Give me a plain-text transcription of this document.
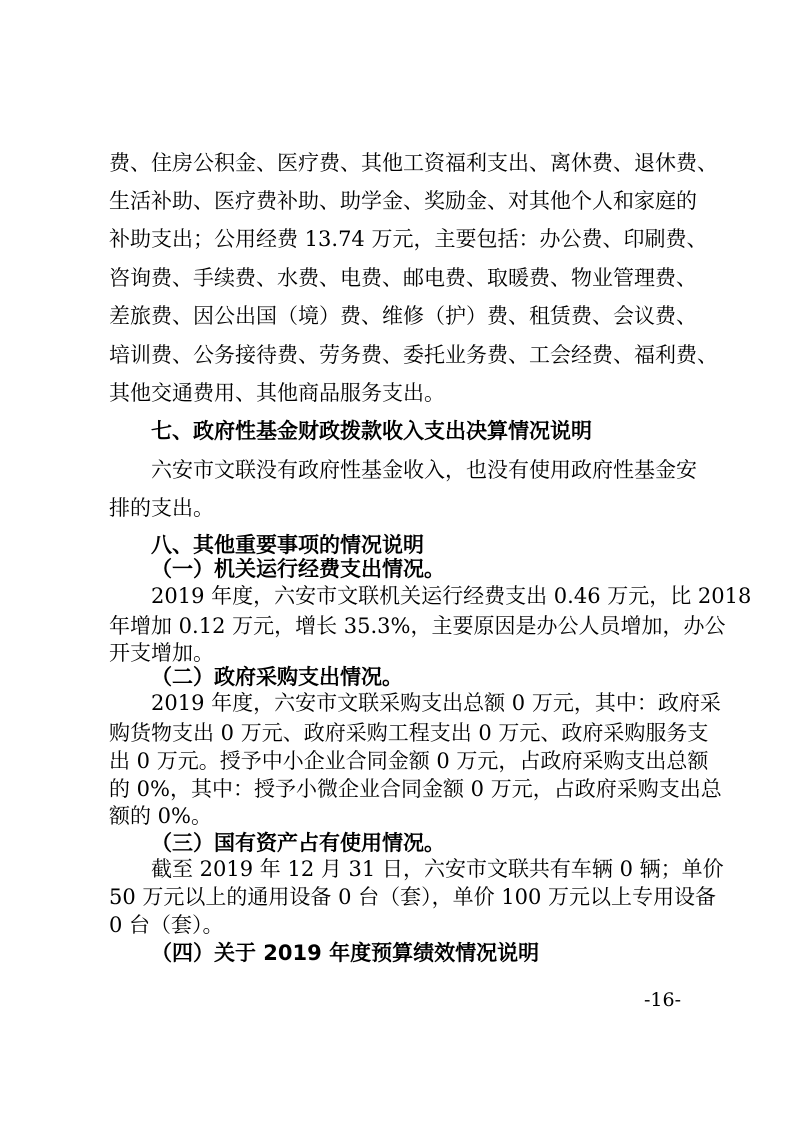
费、住房公积金、医疗费、其他工资福利支出、离休费、退休费、

生活补助、医疗费补助、助学金、奖励金、对其他个人和家庭的

补助支出；公用经费 13.74 万元，主要包括：办公费、印刷费、

咨询费、手续费、水费、电费、邮电费、取暖费、物业管理费、

差旅费、因公出国（境）费、维修（护）费、租赁费、会议费、

培训费、公务接待费、劳务费、委托业务费、工会经费、福利费、

其他交通费用、其他商品服务支出。

七、政府性基金财政拨款收入支出决算情况说明

六安市文联没有政府性基金收入，也没有使用政府性基金安

排的支出。

八、其他重要事项的情况说明

（一）机关运行经费支出情况。

2019 年度，六安市文联机关运行经费支出 0.46 万元，比 2018

年增加 0.12 万元，增长 35.3%，主要原因是办公人员增加，办公

开支增加。

（二）政府采购支出情况。

2019 年度，六安市文联采购支出总额 0 万元，其中：政府采

购货物支出 0 万元、政府采购工程支出 0 万元、政府采购服务支

出 0 万元。授予中小企业合同金额 0 万元，占政府采购支出总额

的 0%，其中：授予小微企业合同金额 0 万元，占政府采购支出总

额的 0%。

（三）国有资产占有使用情况。

截至 2019 年 12 月 31 日，六安市文联共有车辆 0 辆；单价

50 万元以上的通用设备 0 台（套），单价 100 万元以上专用设备

0 台（套）。

（四）关于 2019 年度预算绩效情况说明

-16-
